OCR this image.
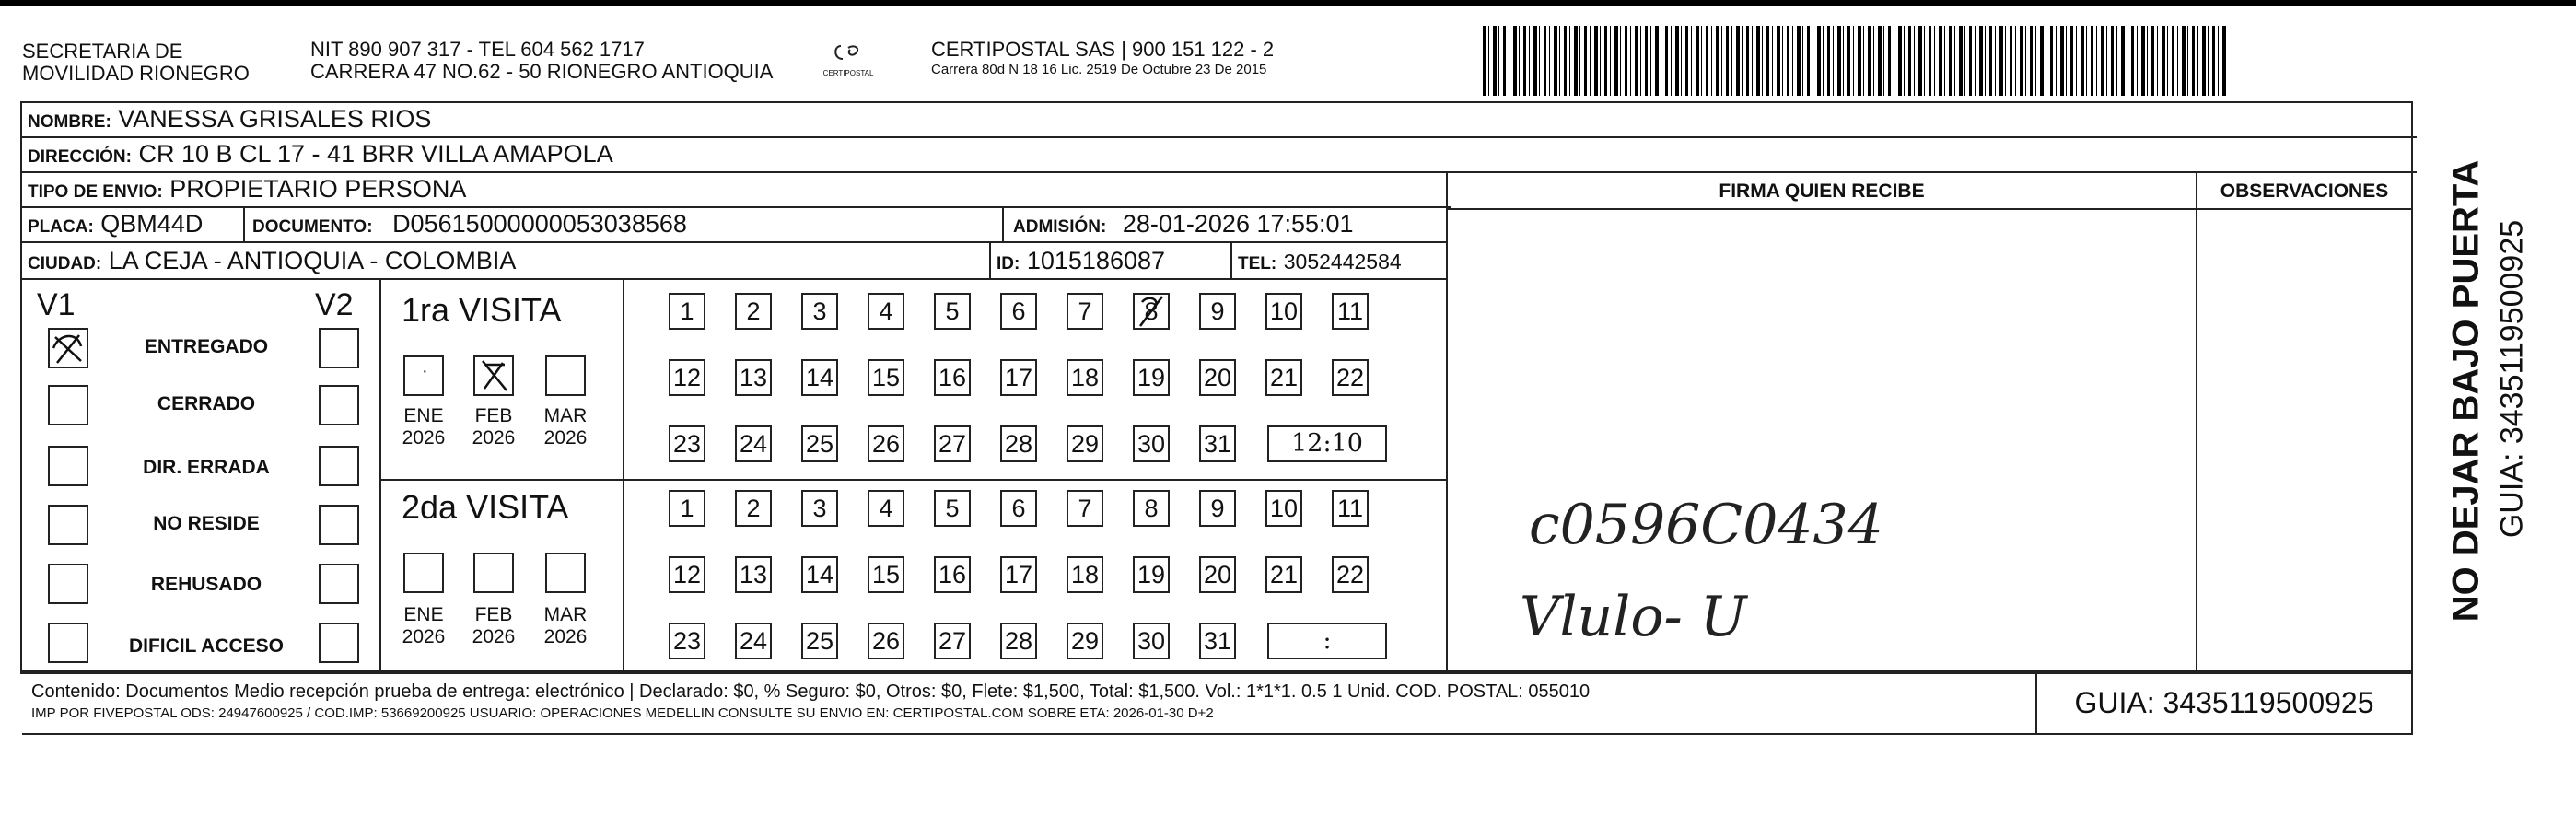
SECRETARIA DE
MOVILIDAD RIONEGRO
NIT 890 907 317 - TEL 604 562 1717
CARRERA 47 NO.62 - 50 RIONEGRO ANTIOQUIA	CERTIPOSTAL
CERTIPOSTAL SAS | 900 151 122 - 2
Carrera 80d N 18 16 Lic. 2519 De Octubre 23 De 2015
NOMBRE: VANESSA GRISALES RIOS
DIRECCIÓN: CR 10 B CL 17 - 41 BRR VILLA AMAPOLA
TIPO DE ENVIO: PROPIETARIO PERSONA
PLACA: QBM44D	DOCUMENTO: D05615000000053038568	ADMISIÓN: 28-01-2026 17:55:01
CIUDAD: LA CEJA - ANTIOQUIA - COLOMBIA	ID: 1015186087	TEL: 3052442584
FIRMA QUIEN RECIBE	OBSERVACIONES
V1	V2
ENTREGADO
CERRADO
DIR. ERRADA
NO RESIDE
REHUSADO
DIFICIL ACCESO
1ra VISITA
·
ENE
2026
FEB
2026
MAR
2026
2da VISITA
ENE
2026
FEB
2026
MAR
2026
1	2	3	4	5	6	7	8	9	10 11
12 13 14 15 16 17 18 19 20 21 22
23 24 25 26 27 28 29 30 31	12:10
1	2	3	4	5	6	7	8	9	10 11
12 13 14 15 16 17 18 19 20 21 22
23 24 25 26 27 28 29 30 31	:
c0596C0434
Vlulo- U	NO DEJAR BAJO PUERTA GUIA: 3435119500925
Contenido: Documentos Medio recepción prueba de entrega: electrónico | Declarado: $0, % Seguro: $0, Otros: $0, Flete: $1,500, Total: $1,500. Vol.: 1*1*1. 0.5 1 Unid. COD. POSTAL: 055010
IMP POR FIVEPOSTAL ODS: 24947600925 / COD.IMP: 53669200925 USUARIO: OPERACIONES MEDELLIN CONSULTE SU ENVIO EN: CERTIPOSTAL.COM SOBRE ETA: 2026-01-30 D+2	GUIA: 3435119500925
